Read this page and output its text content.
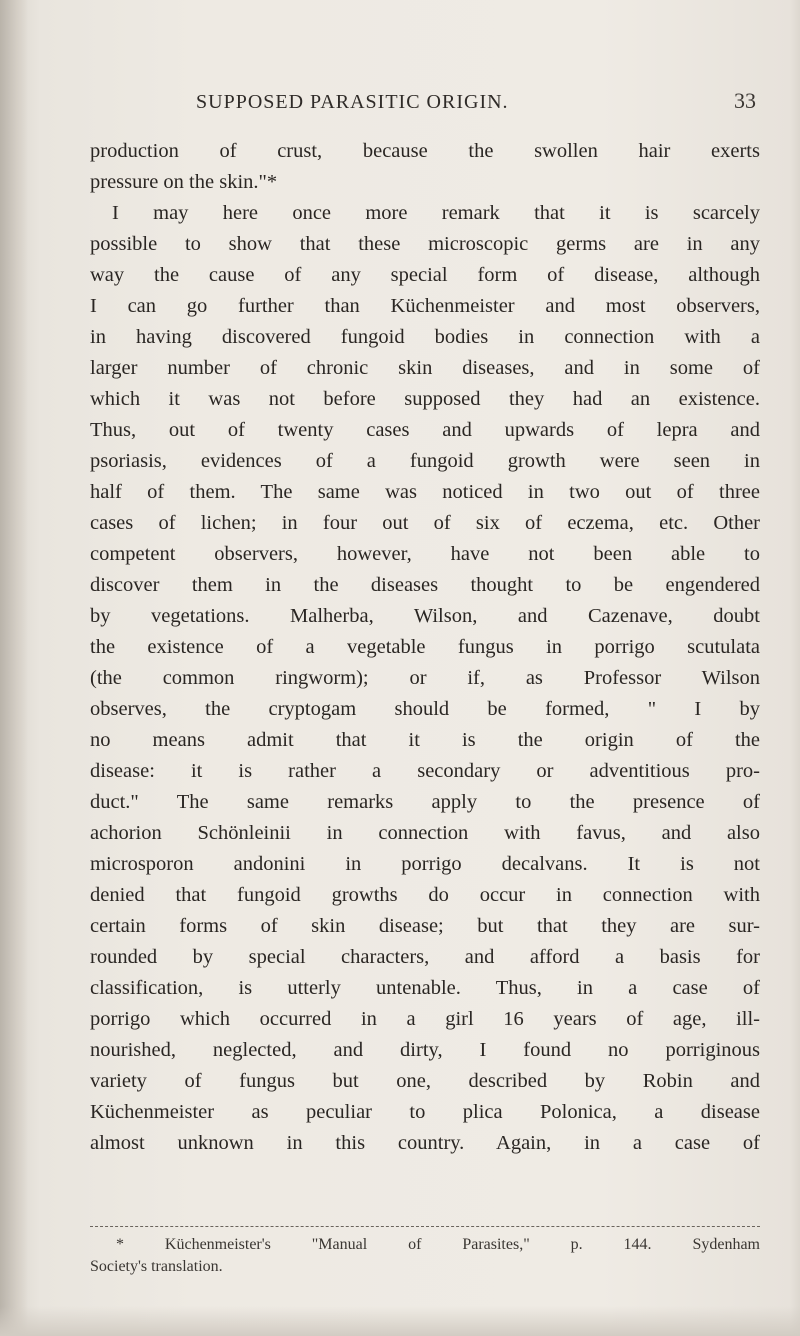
SUPPOSED PARASITIC ORIGIN.	33
production of crust, because the swollen hair exerts
pressure on the skin."*
I may here once more remark that it is scarcely
possible to show that these microscopic germs are in any
way the cause of any special form of disease, although
I can go further than Küchenmeister and most observers,
in having discovered fungoid bodies in connection with a
larger number of chronic skin diseases, and in some of
which it was not before supposed they had an existence.
Thus, out of twenty cases and upwards of lepra and
psoriasis, evidences of a fungoid growth were seen in
half of them. The same was noticed in two out of three
cases of lichen; in four out of six of eczema, etc. Other
competent observers, however, have not been able to
discover them in the diseases thought to be engendered
by vegetations. Malherba, Wilson, and Cazenave, doubt
the existence of a vegetable fungus in porrigo scutulata
(the common ringworm); or if, as Professor Wilson
observes, the cryptogam should be formed, " I by
no means admit that it is the origin of the
disease: it is rather a secondary or adventitious pro-
duct." The same remarks apply to the presence of
achorion Schönleinii in connection with favus, and also
microsporon andonini in porrigo decalvans. It is not
denied that fungoid growths do occur in connection with
certain forms of skin disease; but that they are sur-
rounded by special characters, and afford a basis for
classification, is utterly untenable. Thus, in a case of
porrigo which occurred in a girl 16 years of age, ill-
nourished, neglected, and dirty, I found no porriginous
variety of fungus but one, described by Robin and
Küchenmeister as peculiar to plica Polonica, a disease
almost unknown in this country. Again, in a case of
* Küchenmeister's "Manual of Parasites," p. 144. Sydenham
Society's translation.
